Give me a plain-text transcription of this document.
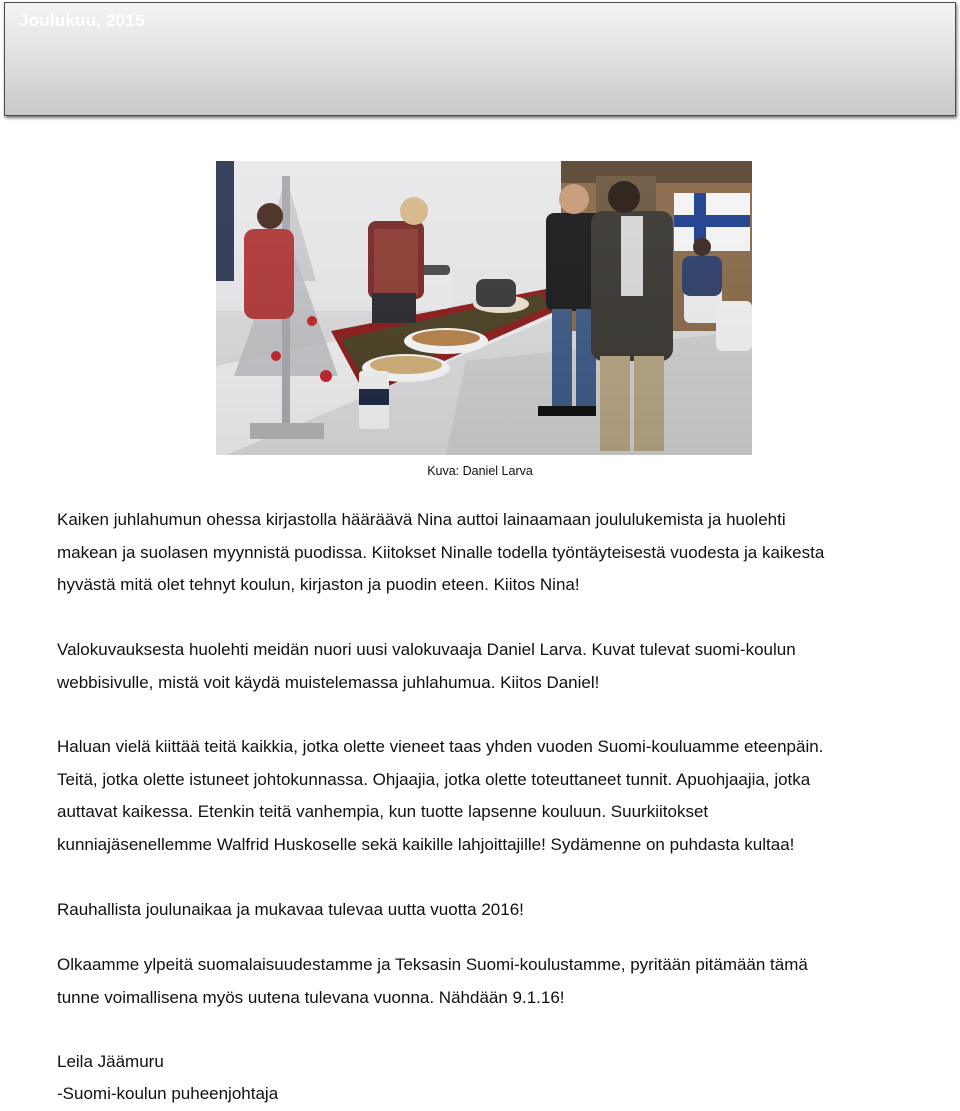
Joulukuu, 2015
Kuva: Daniel Larva

Kaiken juhlahumun ohessa kirjastolla hääräävä Nina auttoi lainaamaan joululukemista ja huolehti
makean ja suolasen myynnistä puodissa. Kiitokset Ninalle todella työntäyteisestä vuodesta ja kaikesta
hyvästä mitä olet tehnyt koulun, kirjaston ja puodin eteen. Kiitos Nina!

Valokuvauksesta huolehti meidän nuori uusi valokuvaaja Daniel Larva. Kuvat tulevat suomi-koulun
webbisivulle, mistä voit käydä muistelemassa juhlahumua. Kiitos Daniel!

Haluan vielä kiittää teitä kaikkia, jotka olette vieneet taas yhden vuoden Suomi-kouluamme eteenpäin.
Teitä, jotka olette istuneet johtokunnassa. Ohjaajia, jotka olette toteuttaneet tunnit. Apuohjaajia, jotka
auttavat kaikessa. Etenkin teitä vanhempia, kun tuotte lapsenne kouluun. Suurkiitokset
kunniajäsenellemme Walfrid Huskoselle sekä kaikille lahjoittajille! Sydämenne on puhdasta kultaa!

Rauhallista joulunaikaa ja mukavaa tulevaa uutta vuotta 2016!

Olkaamme ylpeitä suomalaisuudestamme ja Teksasin Suomi-koulustamme, pyritään pitämään tämä
tunne voimallisena myös uutena tulevana vuonna. Nähdään 9.1.16!

Leila Jäämuru

-Suomi-koulun puheenjohtaja
